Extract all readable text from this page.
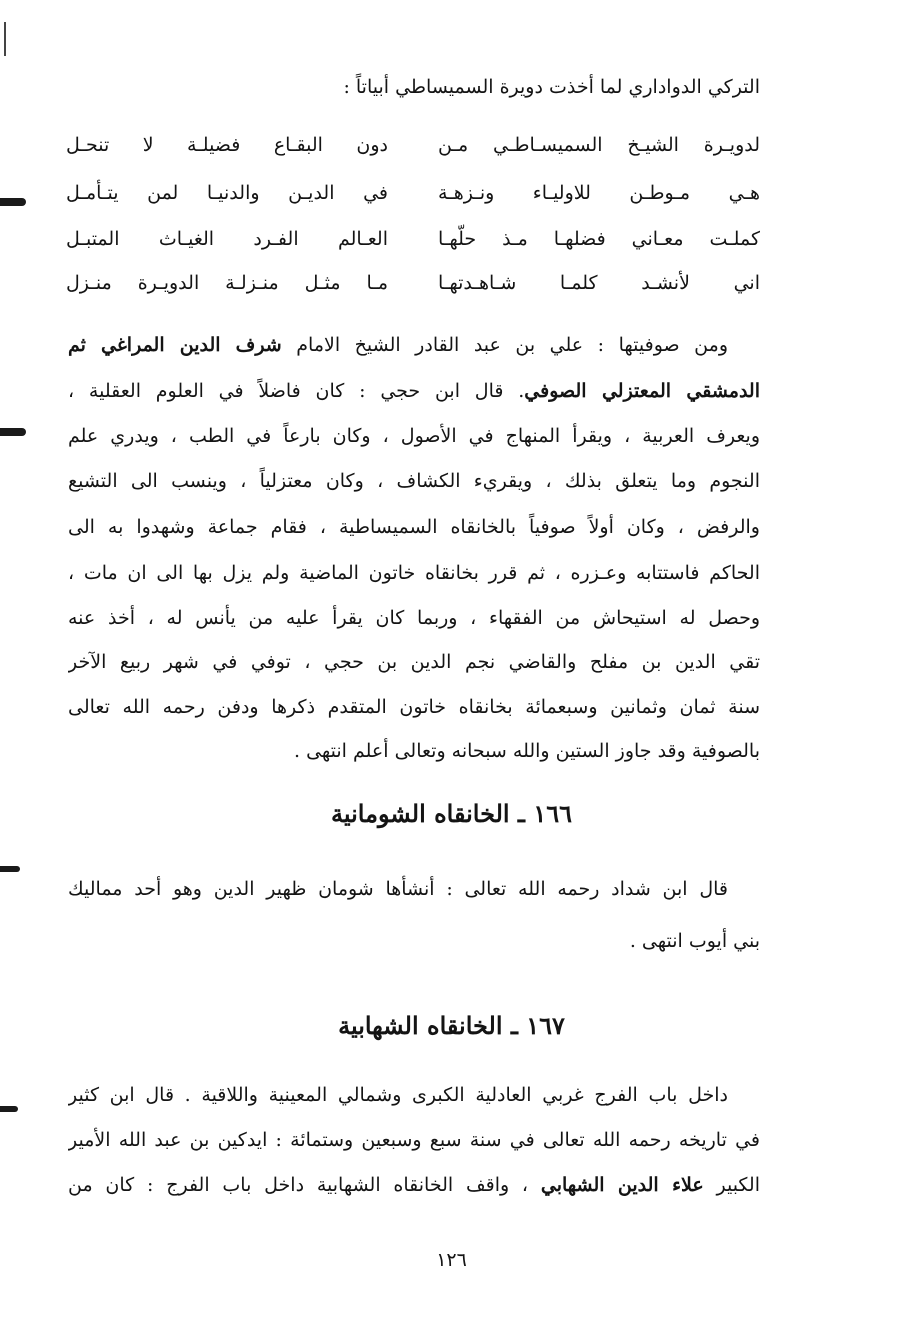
التركي الدواداري لما أخذت دويرة السميساطي أبياتاً :
لدويـرة الشيـخ السميسـاطـي مـن
دون البقـاع فضيلـة لا تنحـل
هـي مـوطـن للاوليـاء ونـزهـة
في الديـن والدنيـا لمن يتـأمـل
كملـت معـاني فضلهـا مـذ حلّهـا
العـالم الفـرد الغيـاث المتبـل
اني لأنشـد كلمـا شـاهـدتهـا
مـا مثـل منـزلـة الدويـرة منـزل
ومن صوفيتها : علي بن عبد القادر الشيخ الامام شرف الدين المراغي ثم
الدمشقي المعتزلي الصوفي. قال ابن حجي : كان فاضلاً في العلوم العقلية ،
ويعرف العربية ، ويقرأ المنهاج في الأصول ، وكان بارعاً في الطب ، ويدري علم
النجوم وما يتعلق بذلك ، ويقريء الكشاف ، وكان معتزلياً ، وينسب الى التشيع
والرفض ، وكان أولاً صوفياً بالخانقاه السميساطية ، فقام جماعة وشهدوا به الى
الحاكم فاستتابه وعـزره ، ثم قرر بخانقاه خاتون الماضية ولم يزل بها الى ان مات ،
وحصل له استيحاش من الفقهاء ، وربما كان يقرأ عليه من يأنس له ، أخذ عنه
تقي الدين بن مفلح والقاضي نجم الدين بن حجي ، توفي في شهر ربيع الآخر
سنة ثمان وثمانين وسبعمائة بخانقاه خاتون المتقدم ذكرها ودفن رحمه الله تعالى
بالصوفية وقد جاوز الستين والله سبحانه وتعالى أعلم انتهى .
١٦٦ ـ الخانقاه الشومانية
قال ابن شداد رحمه الله تعالى : أنشأها شومان ظهير الدين وهو أحد مماليك
بني أيوب انتهى .
١٦٧ ـ الخانقاه الشهابية
داخل باب الفرج غربي العادلية الكبرى وشمالي المعينية واللاقية . قال ابن كثير
في تاريخه رحمه الله تعالى في سنة سبع وسبعين وستمائة : ايدكين بن عبد الله الأمير
الكبير علاء الدين الشهابي ، واقف الخانقاه الشهابية داخل باب الفرج : كان من
١٢٦
